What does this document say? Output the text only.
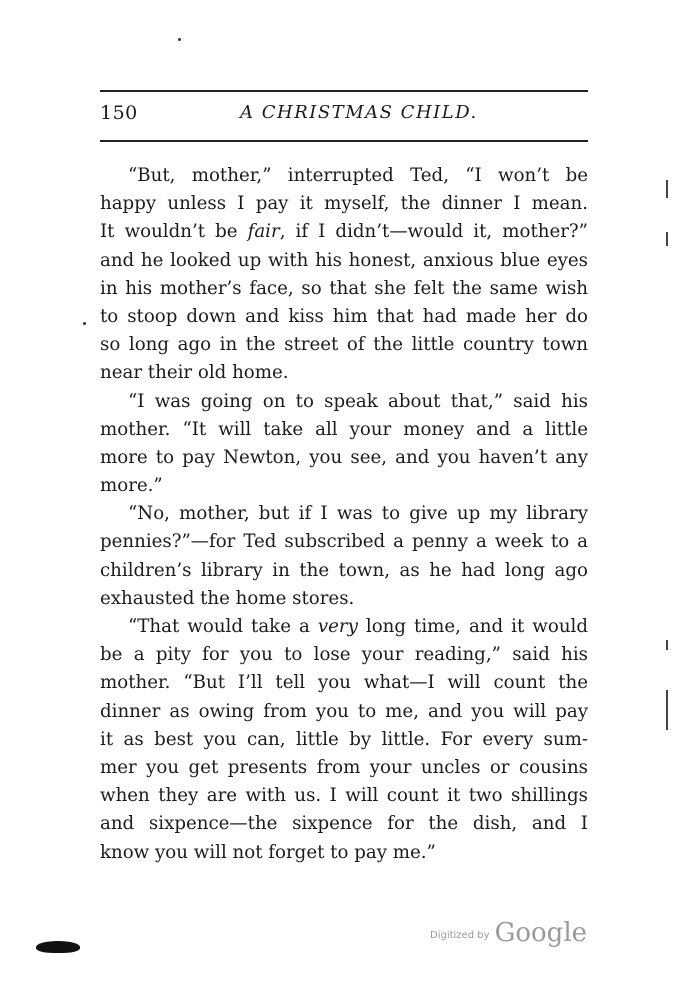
150	A CHRISTMAS CHILD.
“But, mother,” interrupted Ted, “I won’t be
happy unless I pay it myself, the dinner I mean.
It wouldn’t be fair, if I didn’t—would it, mother?”
and he looked up with his honest, anxious blue eyes
in his mother’s face, so that she felt the same wish
to stoop down and kiss him that had made her do
so long ago in the street of the little country town
near their old home.
“I was going on to speak about that,” said his
mother. “It will take all your money and a little
more to pay Newton, you see, and you haven’t any
more.”
“No, mother, but if I was to give up my library
pennies?”—for Ted subscribed a penny a week to a
children’s library in the town, as he had long ago
exhausted the home stores.
“That would take a very long time, and it would
be a pity for you to lose your reading,” said his
mother. “But I’ll tell you what—I will count the
dinner as owing from you to me, and you will pay
it as best you can, little by little. For every sum-
mer you get presents from your uncles or cousins
when they are with us. I will count it two shillings
and sixpence—the sixpence for the dish, and I
know you will not forget to pay me.”
Digitized by Google
